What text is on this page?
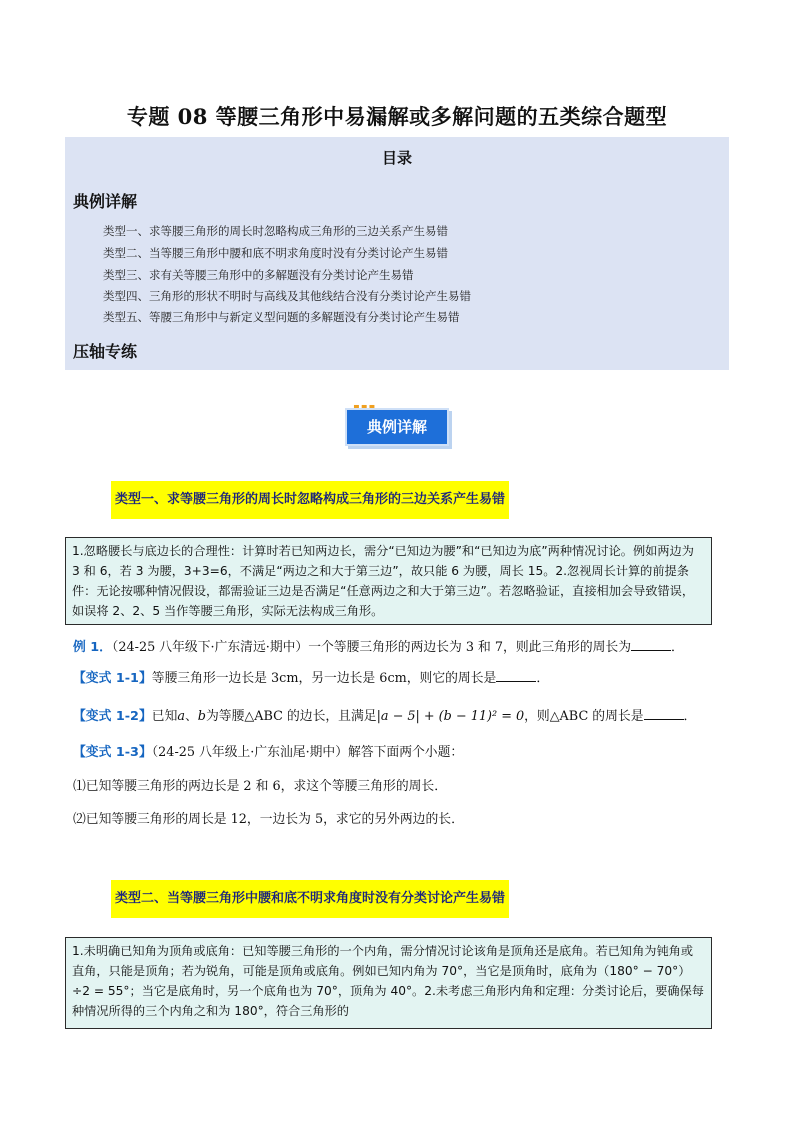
专题 08 等腰三角形中易漏解或多解问题的五类综合题型
目录
典例详解
类型一、求等腰三角形的周长时忽略构成三角形的三边关系产生易错
类型二、当等腰三角形中腰和底不明求角度时没有分类讨论产生易错
类型三、求有关等腰三角形中的多解题没有分类讨论产生易错
类型四、三角形的形状不明时与高线及其他线结合没有分类讨论产生易错
类型五、等腰三角形中与新定义型问题的多解题没有分类讨论产生易错
压轴专练
典例详解
类型一、求等腰三角形的周长时忽略构成三角形的三边关系产生易错
1.忽略腰长与底边长的合理性：计算时若已知两边长，需分“已知边为腰”和“已知边为底”两种情况讨论。例如两边为 3 和 6，若 3 为腰，3+3=6，不满足“两边之和大于第三边”，故只能 6 为腰，周长 15。2.忽视周长计算的前提条件：无论按哪种情况假设，都需验证三边是否满足“任意两边之和大于第三边”。若忽略验证，直接相加会导致错误，如误将 2、2、5 当作等腰三角形，实际无法构成三角形。
例 1．（24-25 八年级下·广东清远·期中）一个等腰三角形的两边长为 3 和 7，则此三角形的周长为	．
【变式 1-1】等腰三角形一边长是 3cm，另一边长是 6cm，则它的周长是	．
【变式 1-2】已知a、b为等腰△ABC 的边长，且满足|a − 5| + (b − 11)² = 0，则△ABC 的周长是	．
【变式 1-3】（24-25 八年级上·广东汕尾·期中）解答下面两个小题：
⑴已知等腰三角形的两边长是 2 和 6，求这个等腰三角形的周长．
⑵已知等腰三角形的周长是 12，一边长为 5，求它的另外两边的长．
类型二、当等腰三角形中腰和底不明求角度时没有分类讨论产生易错
1.未明确已知角为顶角或底角：已知等腰三角形的一个内角，需分情况讨论该角是顶角还是底角。若已知角为钝角或直角，只能是顶角；若为锐角，可能是顶角或底角。例如已知内角为 70°，当它是顶角时，底角为（180° − 70°）÷2 = 55°；当它是底角时，另一个底角也为 70°，顶角为 40°。2.未考虑三角形内角和定理：分类讨论后，要确保每种情况所得的三个内角之和为 180°，符合三角形的
